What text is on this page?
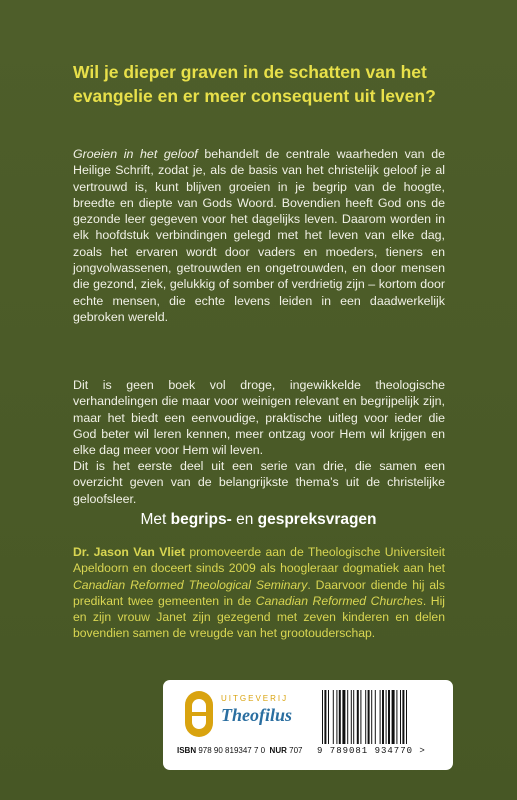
Wil je dieper graven in de schatten van het evangelie en er meer consequent uit leven?

Groeien in het geloof behandelt de centrale waarheden van de Heilige Schrift, zodat je, als de basis van het christelijk geloof je al vertrouwd is, kunt blijven groeien in je begrip van de hoogte, breedte en diepte van Gods Woord. Bovendien heeft God ons de gezonde leer gegeven voor het dagelijks leven. Daarom worden in elk hoofdstuk verbindingen gelegd met het leven van elke dag, zoals het ervaren wordt door vaders en moeders, tieners en jongvolwassenen, getrouwden en ongetrouwden, en door mensen die gezond, ziek, gelukkig of somber of verdrietig zijn – kortom door echte mensen, die echte levens leiden in een daadwerkelijk gebroken wereld.

Dit is geen boek vol droge, ingewikkelde theologische verhandelingen die maar voor weinigen relevant en begrijpelijk zijn, maar het biedt een eenvoudige, praktische uitleg voor ieder die God beter wil leren kennen, meer ontzag voor Hem wil krijgen en elke dag meer voor Hem wil leven.

Dit is het eerste deel uit een serie van drie, die samen een overzicht geven van de belangrijkste thema’s uit de christelijke geloofsleer.

Met begrips- en gespreksvragen

Dr. Jason Van Vliet promoveerde aan de Theologische Universiteit Apeldoorn en doceert sinds 2009 als hoogleraar dogmatiek aan het Canadian Reformed Theological Seminary. Daarvoor diende hij als predikant twee gemeenten in de Canadian Reformed Churches. Hij en zijn vrouw Janet zijn gezegend met zeven kinderen en delen bovendien samen de vreugde van het grootouderschap.

UITGEVERIJ
Theofilus
ISBN 978 90 819347 7 0 NUR 707 9 789081 934770 >
